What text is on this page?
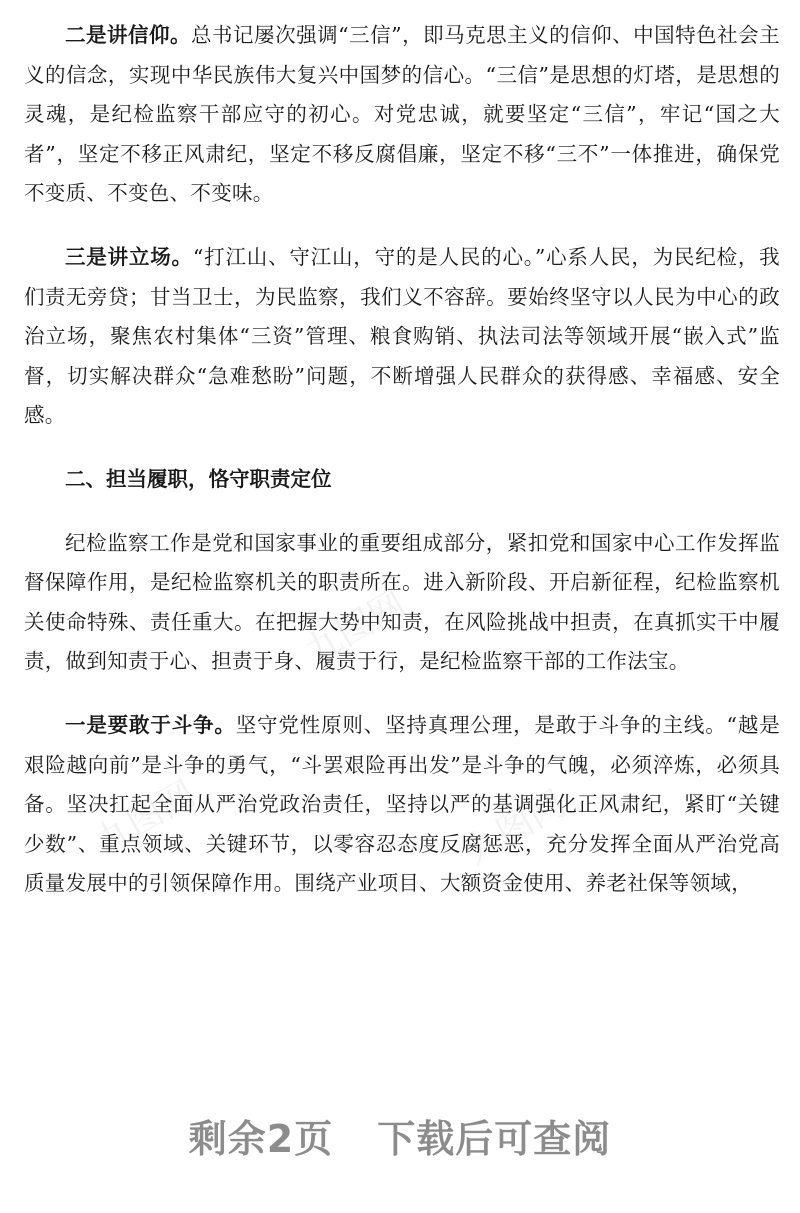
九图网
九图网	九图网

二是讲信仰。总书记屡次强调“三信”，即马克思主义的信仰、中国特色社会主义的信念，实现中华民族伟大复兴中国梦的信心。“三信”是思想的灯塔，是思想的灵魂，是纪检监察干部应守的初心。对党忠诚，就要坚定“三信”，牢记“国之大者”，坚定不移正风肃纪，坚定不移反腐倡廉，坚定不移“三不”一体推进，确保党不变质、不变色、不变味。

三是讲立场。“打江山、守江山，守的是人民的心。”心系人民，为民纪检，我们责无旁贷；甘当卫士，为民监察，我们义不容辞。要始终坚守以人民为中心的政治立场，聚焦农村集体“三资”管理、粮食购销、执法司法等领域开展“嵌入式”监督，切实解决群众“急难愁盼”问题，不断增强人民群众的获得感、幸福感、安全感。

二、担当履职，恪守职责定位

纪检监察工作是党和国家事业的重要组成部分，紧扣党和国家中心工作发挥监督保障作用，是纪检监察机关的职责所在。进入新阶段、开启新征程，纪检监察机关使命特殊、责任重大。在把握大势中知责，在风险挑战中担责，在真抓实干中履责，做到知责于心、担责于身、履责于行，是纪检监察干部的工作法宝。

一是要敢于斗争。坚守党性原则、坚持真理公理，是敢于斗争的主线。“越是艰险越向前”是斗争的勇气，“斗罢艰险再出发”是斗争的气魄，必须淬炼，必须具备。坚决扛起全面从严治党政治责任，坚持以严的基调强化正风肃纪，紧盯“关键少数”、重点领域、关键环节，以零容忍态度反腐惩恶，充分发挥全面从严治党高质量发展中的引领保障作用。围绕产业项目、大额资金使用、养老社保等领域，

剩余2页 下载后可查阅
